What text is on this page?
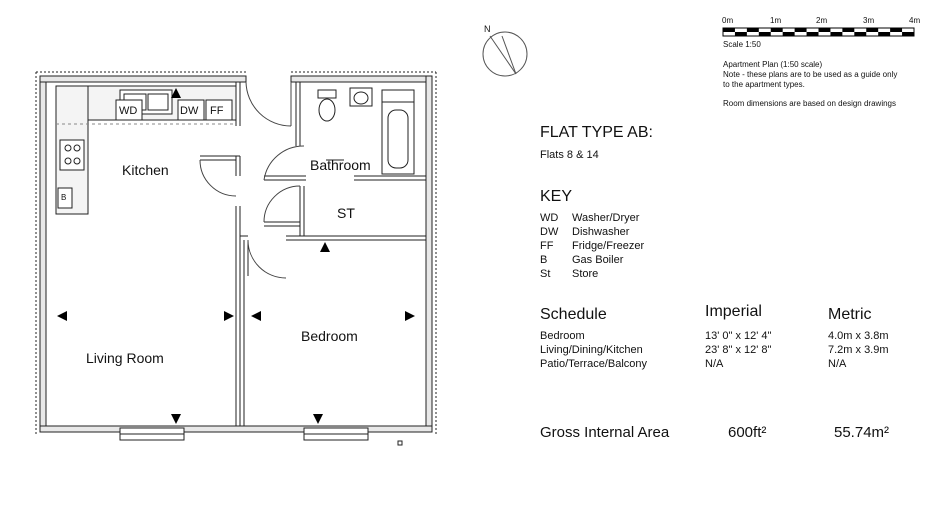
N
0m	1m	2m	3m	4m
Scale 1:50
Apartment Plan (1:50 scale)
Note - these plans are to be used as a guide only
to the apartment types.
Room dimensions are based on design drawings
FLAT TYPE AB:
Flats 8 & 14
KEY
WD Washer/Dryer
DW Dishwasher
FF Fridge/Freezer
B Gas Boiler
St Store
Schedule	Imperial	Metric
Bedroom	13' 0" x 12' 4"	4.0m x 3.8m
Living/Dining/Kitchen	23' 8" x 12' 8"	7.2m x 3.9m
Patio/Terrace/Balcony	N/A	N/A
Gross Internal Area	600ft²	55.74m²
Kitchen	Bathroom
ST
Living Room
Bedroom
WD	DW FF
B
